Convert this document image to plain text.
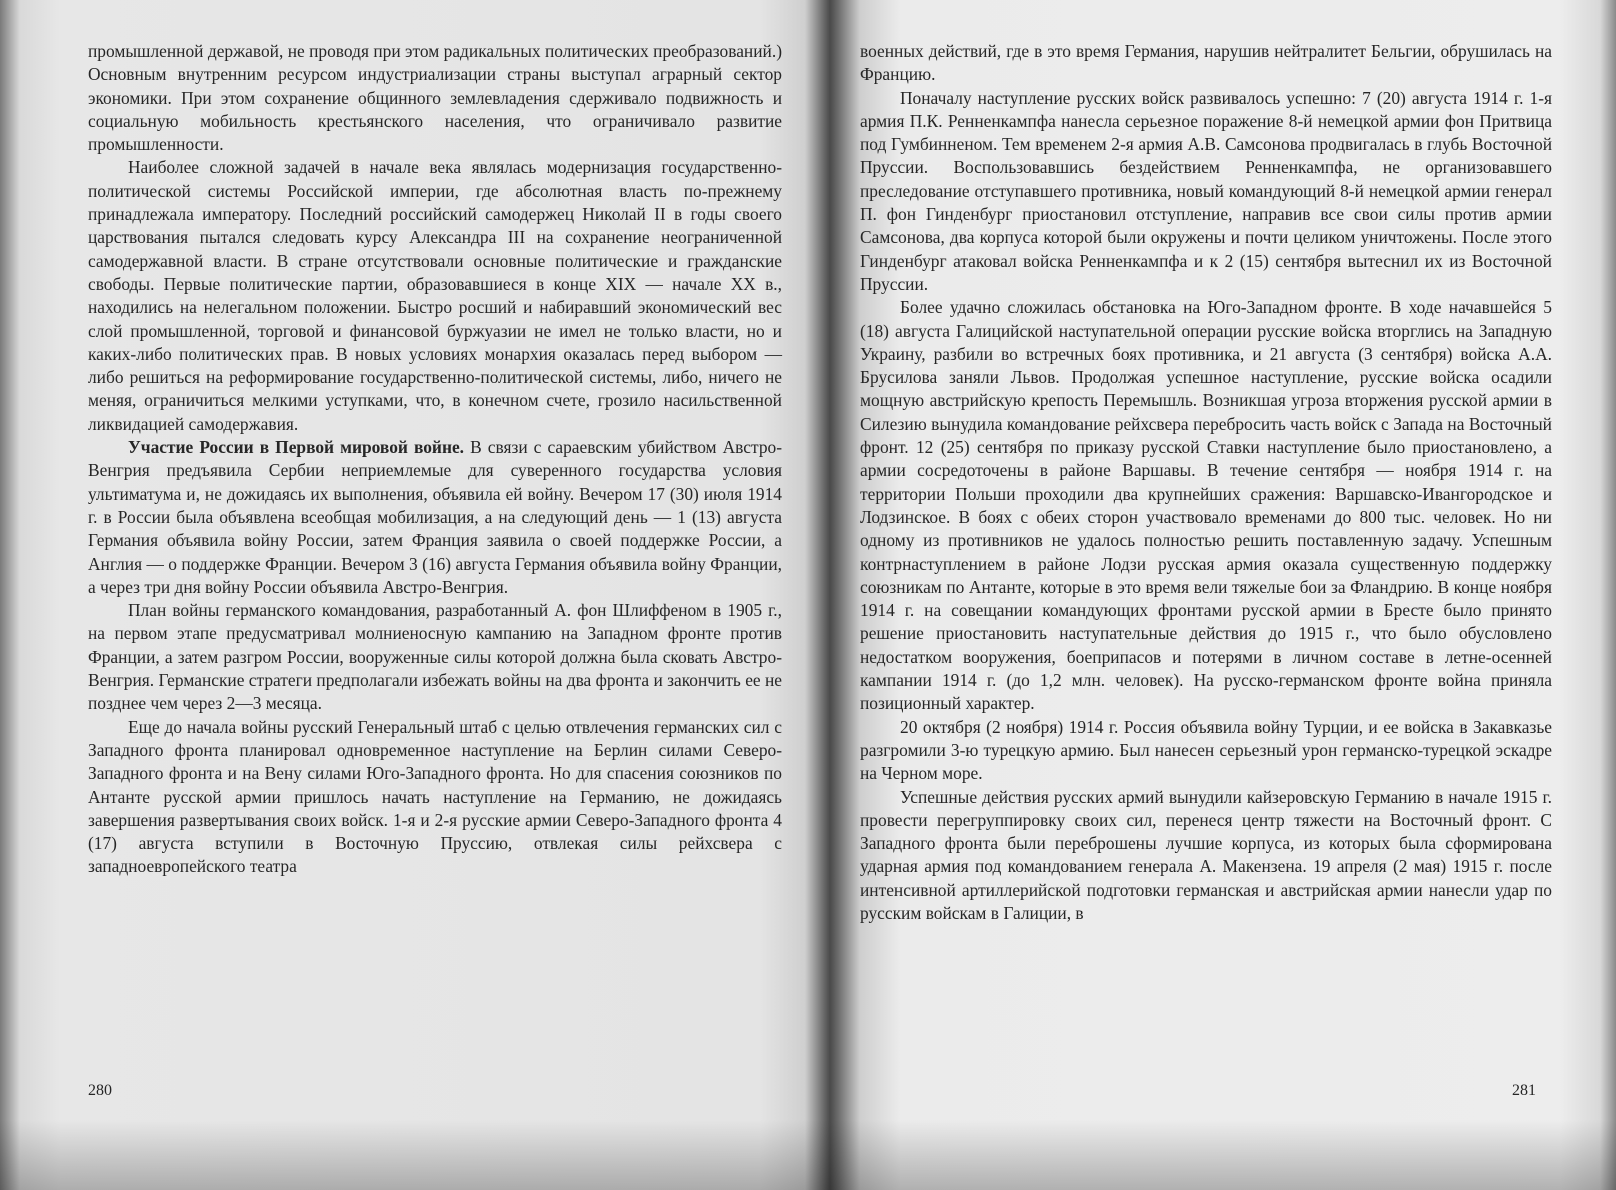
промышленной державой, не проводя при этом радикальных политических преобразований.) Основным внутренним ресурсом индустриализации страны выступал аграрный сектор экономики. При этом сохранение общинного землевладения сдерживало подвижность и социальную мобильность крестьянского населения, что ограничивало развитие промышленности.

Наиболее сложной задачей в начале века являлась модернизация государственно-политической системы Российской империи, где абсолютная власть по-прежнему принадлежала императору. Последний российский самодержец Николай II в годы своего царствования пытался следовать курсу Александра III на сохранение неограниченной самодержавной власти. В стране отсутствовали основные политические и гражданские свободы. Первые политические партии, образовавшиеся в конце XIX — начале XX в., находились на нелегальном положении. Быстро росший и набиравший экономический вес слой промышленной, торговой и финансовой буржуазии не имел не только власти, но и каких-либо политических прав. В новых условиях монархия оказалась перед выбором — либо решиться на реформирование государственно-политической системы, либо, ничего не меняя, ограничиться мелкими уступками, что, в конечном счете, грозило насильственной ликвидацией самодержавия.

Участие России в Первой мировой войне. В связи с сараевским убийством Австро-Венгрия предъявила Сербии неприемлемые для суверенного государства условия ультиматума и, не дожидаясь их выполнения, объявила ей войну. Вечером 17 (30) июля 1914 г. в России была объявлена всеобщая мобилизация, а на следующий день — 1 (13) августа Германия объявила войну России, затем Франция заявила о своей поддержке России, а Англия — о поддержке Франции. Вечером 3 (16) августа Германия объявила войну Франции, а через три дня войну России объявила Австро-Венгрия.

План войны германского командования, разработанный А. фон Шлиффеном в 1905 г., на первом этапе предусматривал молниеносную кампанию на Западном фронте против Франции, а затем разгром России, вооруженные силы которой должна была сковать Австро-Венгрия. Германские стратеги предполагали избежать войны на два фронта и закончить ее не позднее чем через 2—3 месяца.

Еще до начала войны русский Генеральный штаб с целью отвлечения германских сил с Западного фронта планировал одновременное наступление на Берлин силами Северо-Западного фронта и на Вену силами Юго-Западного фронта. Но для спасения союзников по Антанте русской армии пришлось начать наступление на Германию, не дожидаясь завершения развертывания своих войск. 1-я и 2-я русские армии Северо-Западного фронта 4 (17) августа вступили в Восточную Пруссию, отвлекая силы рейхсвера с западноевропейского театра

280

военных действий, где в это время Германия, нарушив нейтралитет Бельгии, обрушилась на Францию.

Поначалу наступление русских войск развивалось успешно: 7 (20) августа 1914 г. 1-я армия П.К. Ренненкампфа нанесла серьезное поражение 8-й немецкой армии фон Притвица под Гумбинненом. Тем временем 2-я армия А.В. Самсонова продвигалась в глубь Восточной Пруссии. Воспользовавшись бездействием Ренненкампфа, не организовавшего преследование отступавшего противника, новый командующий 8-й немецкой армии генерал П. фон Гинденбург приостановил отступление, направив все свои силы против армии Самсонова, два корпуса которой были окружены и почти целиком уничтожены. После этого Гинденбург атаковал войска Ренненкампфа и к 2 (15) сентября вытеснил их из Восточной Пруссии.

Более удачно сложилась обстановка на Юго-Западном фронте. В ходе начавшейся 5 (18) августа Галицийской наступательной операции русские войска вторглись на Западную Украину, разбили во встречных боях противника, и 21 августа (3 сентября) войска А.А. Брусилова заняли Львов. Продолжая успешное наступление, русские войска осадили мощную австрийскую крепость Перемышль. Возникшая угроза вторжения русской армии в Силезию вынудила командование рейхсвера перебросить часть войск с Запада на Восточный фронт. 12 (25) сентября по приказу русской Ставки наступление было приостановлено, а армии сосредоточены в районе Варшавы. В течение сентября — ноября 1914 г. на территории Польши проходили два крупнейших сражения: Варшавско-Ивангородское и Лодзинское. В боях с обеих сторон участвовало временами до 800 тыс. человек. Но ни одному из противников не удалось полностью решить поставленную задачу. Успешным контрнаступлением в районе Лодзи русская армия оказала существенную поддержку союзникам по Антанте, которые в это время вели тяжелые бои за Фландрию. В конце ноября 1914 г. на совещании командующих фронтами русской армии в Бресте было принято решение приостановить наступательные действия до 1915 г., что было обусловлено недостатком вооружения, боеприпасов и потерями в личном составе в летне-осенней кампании 1914 г. (до 1,2 млн. человек). На русско-германском фронте война приняла позиционный характер.

20 октября (2 ноября) 1914 г. Россия объявила войну Турции, и ее войска в Закавказье разгромили 3-ю турецкую армию. Был нанесен серьезный урон германско-турецкой эскадре на Черном море.

Успешные действия русских армий вынудили кайзеровскую Германию в начале 1915 г. провести перегруппировку своих сил, перенеся центр тяжести на Восточный фронт. С Западного фронта были переброшены лучшие корпуса, из которых была сформирована ударная армия под командованием генерала А. Макензена. 19 апреля (2 мая) 1915 г. после интенсивной артиллерийской подготовки германская и австрийская армии нанесли удар по русским войскам в Галиции, в

281
